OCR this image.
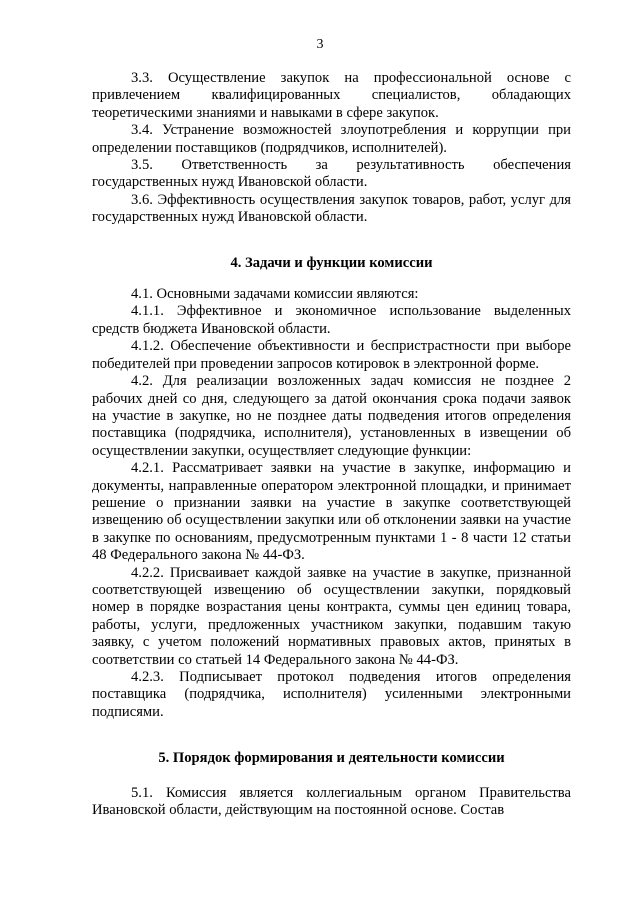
3

3.3. Осуществление закупок на профессиональной основе с привлечением квалифицированных специалистов, обладающих теоретическими знаниями и навыками в сфере закупок.

3.4. Устранение возможностей злоупотребления и коррупции при определении поставщиков (подрядчиков, исполнителей).

3.5. Ответственность за результативность обеспечения государственных нужд Ивановской области.

3.6. Эффективность осуществления закупок товаров, работ, услуг для государственных нужд Ивановской области.

4. Задачи и функции комиссии

4.1. Основными задачами комиссии являются:

4.1.1. Эффективное и экономичное использование выделенных средств бюджета Ивановской области.

4.1.2. Обеспечение объективности и беспристрастности при выборе победителей при проведении запросов котировок в электронной форме.

4.2. Для реализации возложенных задач комиссия не позднее 2 рабочих дней со дня, следующего за датой окончания срока подачи заявок на участие в закупке, но не позднее даты подведения итогов определения поставщика (подрядчика, исполнителя), установленных в извещении об осуществлении закупки, осуществляет следующие функции:

4.2.1. Рассматривает заявки на участие в закупке, информацию и документы, направленные оператором электронной площадки, и принимает решение о признании заявки на участие в закупке соответствующей извещению об осуществлении закупки или об отклонении заявки на участие в закупке по основаниям, предусмотренным пунктами 1 - 8 части 12 статьи 48 Федерального закона № 44-ФЗ.

4.2.2. Присваивает каждой заявке на участие в закупке, признанной соответствующей извещению об осуществлении закупки, порядковый номер в порядке возрастания цены контракта, суммы цен единиц товара, работы, услуги, предложенных участником закупки, подавшим такую заявку, с учетом положений нормативных правовых актов, принятых в соответствии со статьей 14 Федерального закона № 44-ФЗ.

4.2.3. Подписывает протокол подведения итогов определения поставщика (подрядчика, исполнителя) усиленными электронными подписями.

5. Порядок формирования и деятельности комиссии

5.1. Комиссия является коллегиальным органом Правительства Ивановской области, действующим на постоянной основе. Состав
